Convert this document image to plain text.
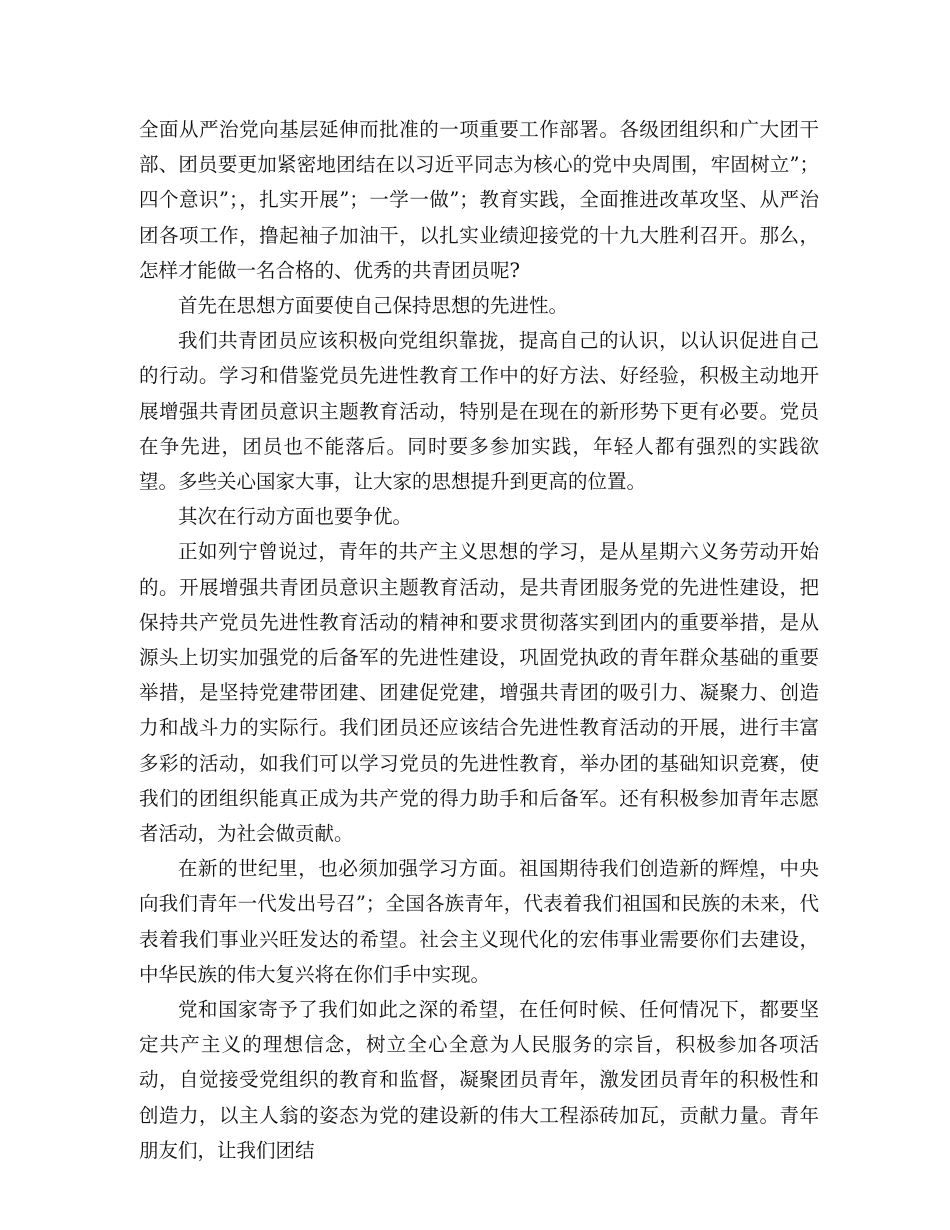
全面从严治党向基层延伸而批准的一项重要工作部署。各级团组织和广大团干部、团员要更加紧密地团结在以习近平同志为核心的党中央周围，牢固树立”；四个意识”；，扎实开展”；一学一做”；教育实践，全面推进改革攻坚、从严治团各项工作，撸起袖子加油干，以扎实业绩迎接党的十九大胜利召开。那么，怎样才能做一名合格的、优秀的共青团员呢?

首先在思想方面要使自己保持思想的先进性。

我们共青团员应该积极向党组织靠拢，提高自己的认识，以认识促进自己的行动。学习和借鉴党员先进性教育工作中的好方法、好经验，积极主动地开展增强共青团员意识主题教育活动，特别是在现在的新形势下更有必要。党员在争先进，团员也不能落后。同时要多参加实践，年轻人都有强烈的实践欲望。多些关心国家大事，让大家的思想提升到更高的位置。

其次在行动方面也要争优。

正如列宁曾说过，青年的共产主义思想的学习，是从星期六义务劳动开始的。开展增强共青团员意识主题教育活动，是共青团服务党的先进性建设，把保持共产党员先进性教育活动的精神和要求贯彻落实到团内的重要举措，是从源头上切实加强党的后备军的先进性建设，巩固党执政的青年群众基础的重要举措，是坚持党建带团建、团建促党建，增强共青团的吸引力、凝聚力、创造力和战斗力的实际行。我们团员还应该结合先进性教育活动的开展，进行丰富多彩的活动，如我们可以学习党员的先进性教育，举办团的基础知识竞赛，使我们的团组织能真正成为共产党的得力助手和后备军。还有积极参加青年志愿者活动，为社会做贡献。

在新的世纪里，也必须加强学习方面。祖国期待我们创造新的辉煌，中央向我们青年一代发出号召”；全国各族青年，代表着我们祖国和民族的未来，代表着我们事业兴旺发达的希望。社会主义现代化的宏伟事业需要你们去建设，中华民族的伟大复兴将在你们手中实现。

党和国家寄予了我们如此之深的希望，在任何时候、任何情况下，都要坚定共产主义的理想信念，树立全心全意为人民服务的宗旨，积极参加各项活动，自觉接受党组织的教育和监督，凝聚团员青年，激发团员青年的积极性和创造力，以主人翁的姿态为党的建设新的伟大工程添砖加瓦，贡献力量。青年朋友们，让我们团结
